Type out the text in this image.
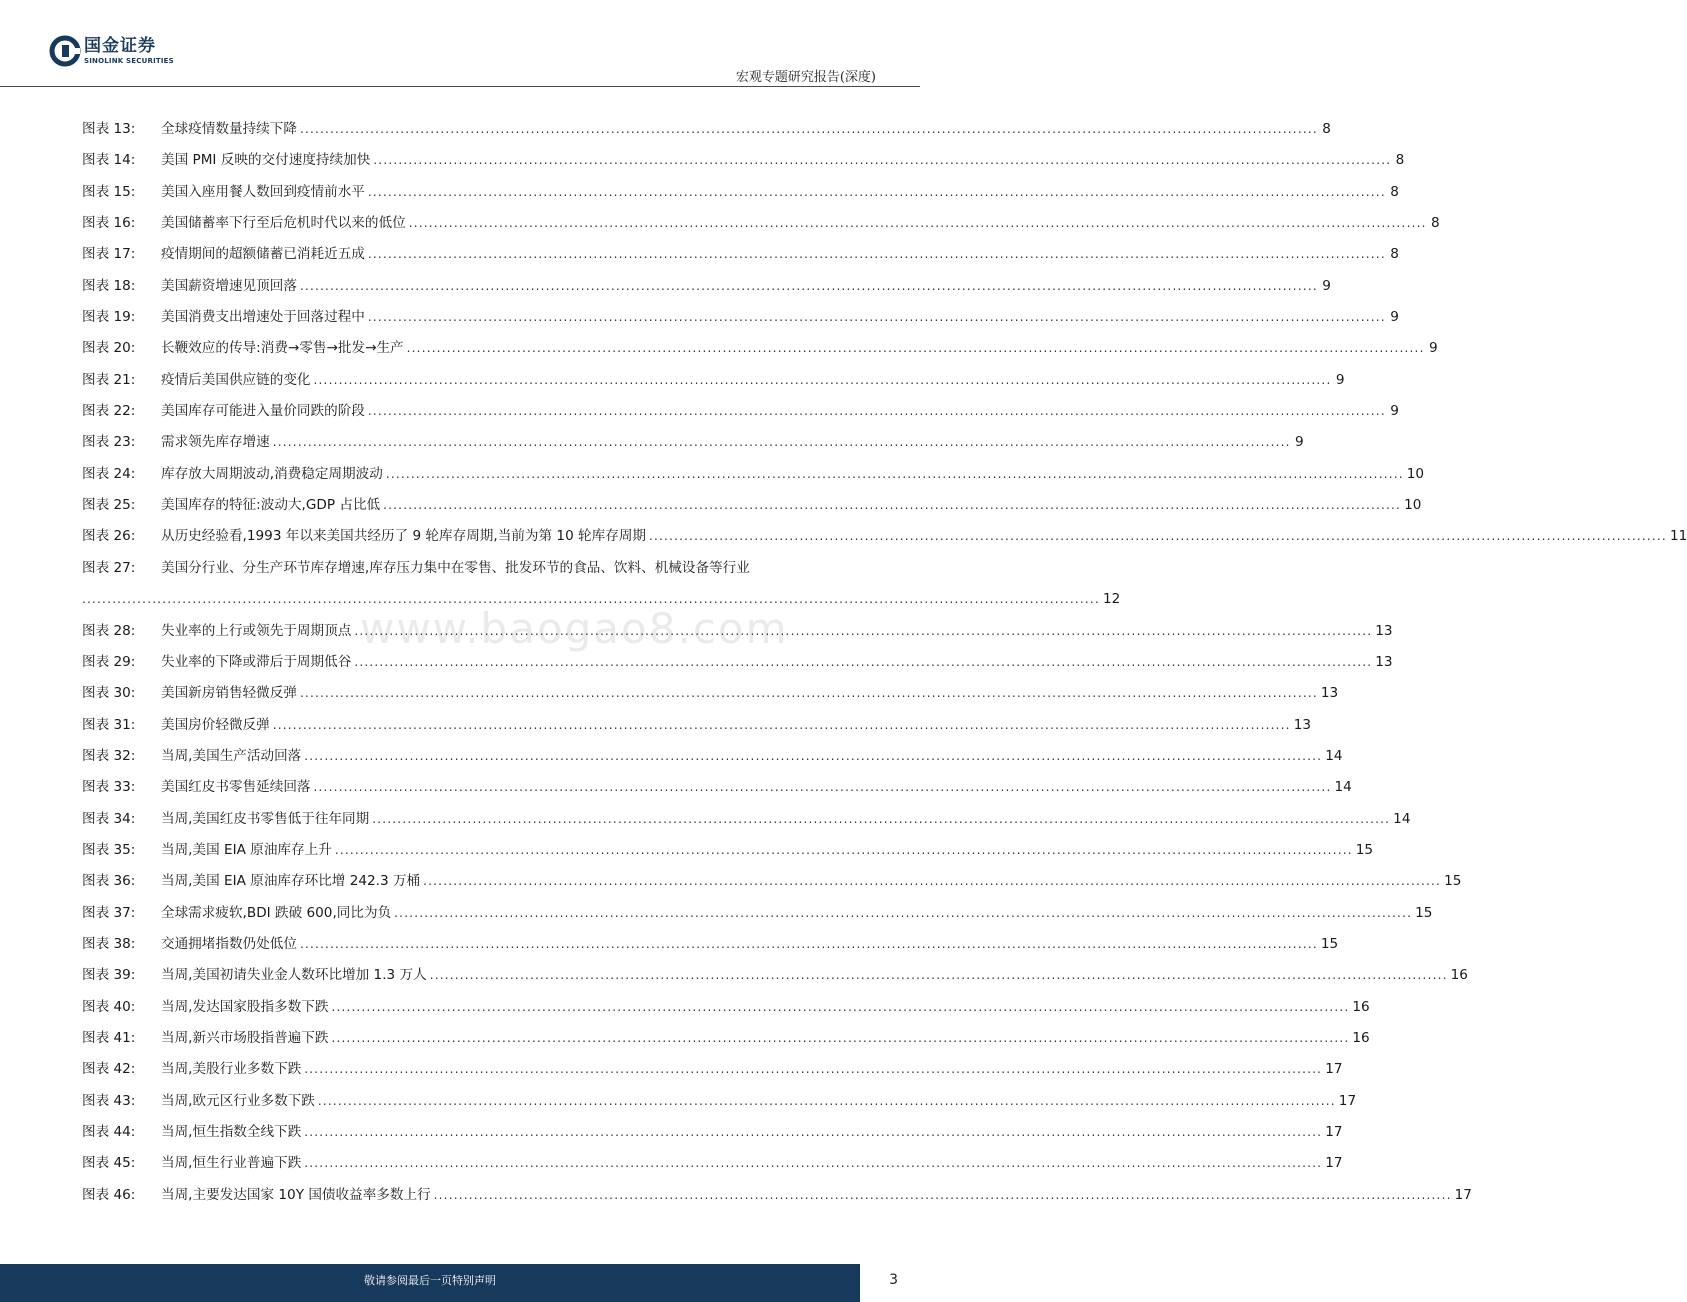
国金证券
SINOLINK SECURITIES
宏观专题研究报告(深度)
www.baogao8.com
图表 13:	全球疫情数量持续下降 .....	8
图表 14:	美国 PMI 反映的交付速度持续加快 .....	8
图表 15:	美国入座用餐人数回到疫情前水平 .....	8
图表 16:	美国储蓄率下行至后危机时代以来的低位 .....	8
图表 17:	疫情期间的超额储蓄已消耗近五成 .....	8
图表 18:	美国薪资增速见顶回落 .....	9
图表 19:	美国消费支出增速处于回落过程中 .....	9
图表 20:	长鞭效应的传导:消费→零售→批发→生产 .....	9
图表 21:	疫情后美国供应链的变化 .....	9
图表 22:	美国库存可能进入量价同跌的阶段 .....	9
图表 23:	需求领先库存增速 .....	9
图表 24:	库存放大周期波动,消费稳定周期波动 .....	10
图表 25:	美国库存的特征:波动大,GDP 占比低 .....	10
图表 26:	从历史经验看,1993 年以来美国共经历了 9 轮库存周期,当前为第 10 轮库存周期 .....	11
图表 27:	美国分行业、分生产环节库存增速,库存压力集中在零售、批发环节的食品、饮料、机械设备等行业
.....
12
图表 28:	失业率的上行或领先于周期顶点 .....	13
图表 29:	失业率的下降或滞后于周期低谷 .....	13
图表 30:	美国新房销售轻微反弹 .....	13
图表 31:	美国房价轻微反弹 .....	13
图表 32:	当周,美国生产活动回落 .....	14
图表 33:	美国红皮书零售延续回落 .....	14
图表 34:	当周,美国红皮书零售低于往年同期 .....	14
图表 35:	当周,美国 EIA 原油库存上升 .....	15
图表 36:	当周,美国 EIA 原油库存环比增 242.3 万桶 .....	15
图表 37:	全球需求疲软,BDI 跌破 600,同比为负 .....	15
图表 38:	交通拥堵指数仍处低位 .....	15
图表 39:	当周,美国初请失业金人数环比增加 1.3 万人 .....	16
图表 40:	当周,发达国家股指多数下跌 .....	16
图表 41:	当周,新兴市场股指普遍下跌 .....	16
图表 42:	当周,美股行业多数下跌 .....	17
图表 43:	当周,欧元区行业多数下跌 .....	17
图表 44:	当周,恒生指数全线下跌 .....	17
图表 45:	当周,恒生行业普遍下跌 .....	17
图表 46:	当周,主要发达国家 10Y 国债收益率多数上行 .....	17
敬请参阅最后一页特别声明	3
